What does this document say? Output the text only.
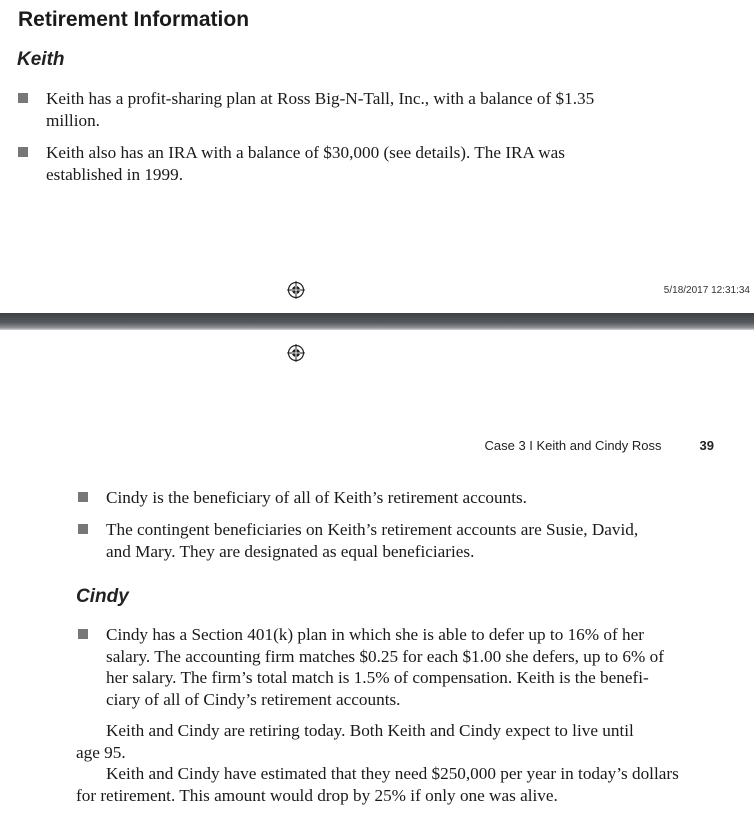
Retirement Information
Keith
Keith has a profit-sharing plan at Ross Big-N-Tall, Inc., with a balance of $1.35
million.
Keith also has an IRA with a balance of $30,000 (see details). The IRA was
established in 1999.
5/18/2017 12:31:34
Case 3 I Keith and Cindy Ross	39
Cindy is the beneficiary of all of Keith’s retirement accounts.
The contingent beneficiaries on Keith’s retirement accounts are Susie, David,
and Mary. They are designated as equal beneficiaries.
Cindy
Cindy has a Section 401(k) plan in which she is able to defer up to 16% of her
salary. The accounting firm matches $0.25 for each $1.00 she defers, up to 6% of
her salary. The firm’s total match is 1.5% of compensation. Keith is the benefi-
ciary of all of Cindy’s retirement accounts.
Keith and Cindy are retiring today. Both Keith and Cindy expect to live until
age 95.
Keith and Cindy have estimated that they need $250,000 per year in today’s dollars
for retirement. This amount would drop by 25% if only one was alive.
